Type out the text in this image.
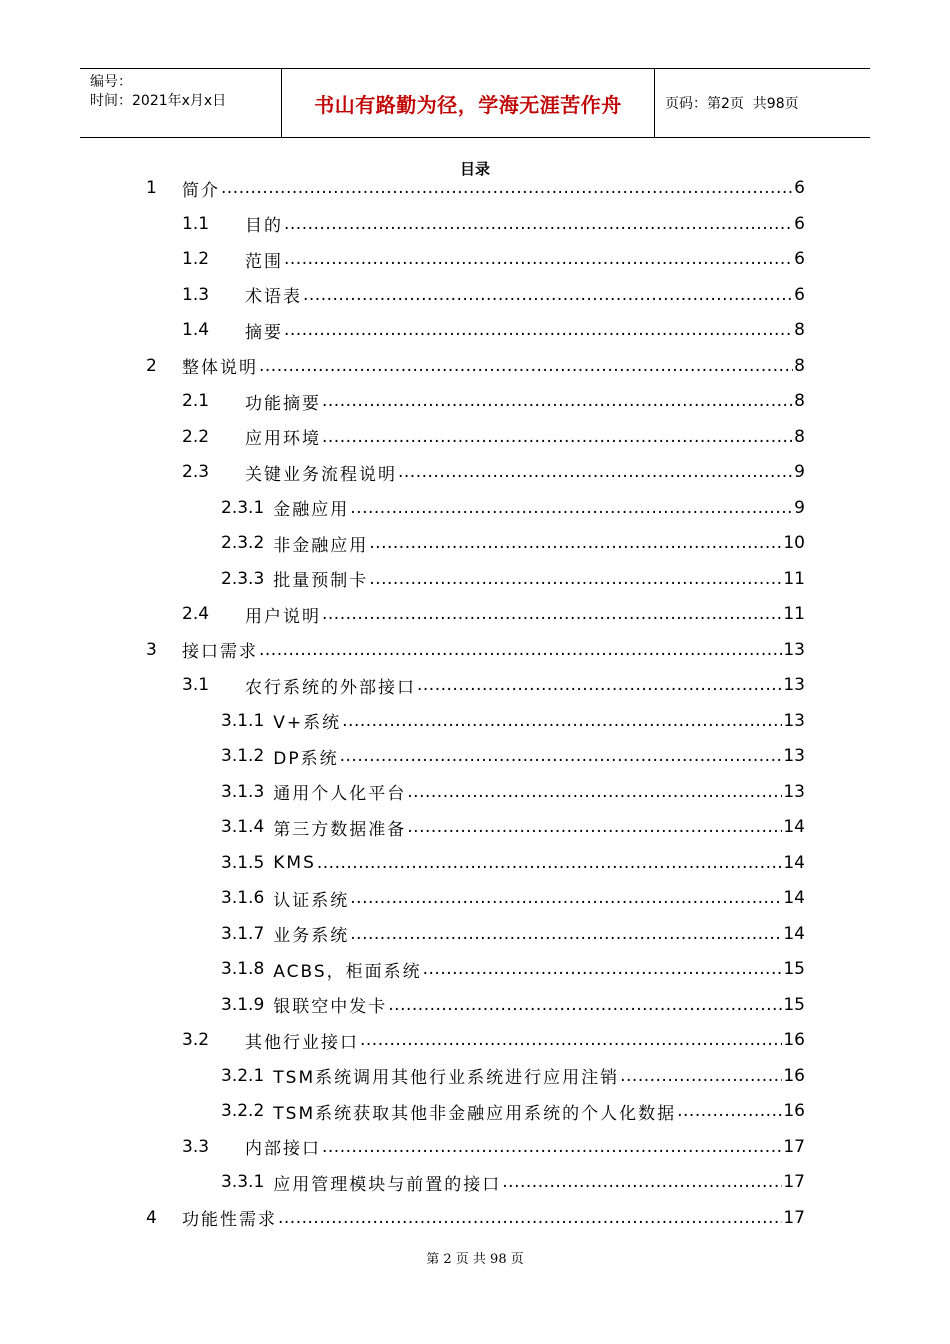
编号：
时间：2021年x月x日	书山有路勤为径，学海无涯苦作舟	页码：第2页  共98页
目录
1	简介 .....	6
1.1	目的 .....	6
1.2	范围 .....	6
1.3	术语表 .....	6
1.4	摘要 .....	8
2	整体说明 .....	8
2.1	功能摘要 .....	8
2.2	应用环境 .....	8
2.3	关键业务流程说明 .....	9
2.3.1 金融应用 .....	9
2.3.2 非金融应用 .....	10
2.3.3 批量预制卡 .....	11
2.4	用户说明 .....	11
3	接口需求 .....	13
3.1	农行系统的外部接口 .....	13
3.1.1 V+系统 .....	13
3.1.2 DP系统 .....	13
3.1.3 通用个人化平台 .....	13
3.1.4 第三方数据准备 .....	14
3.1.5 KMS .....	14
3.1.6 认证系统 .....	14
3.1.7 业务系统 .....	14
3.1.8 ACBS，柜面系统 .....	15
3.1.9 银联空中发卡 .....	15
3.2	其他行业接口 .....	16
3.2.1 TSM系统调用其他行业系统进行应用注销 .....	16
3.2.2 TSM系统获取其他非金融应用系统的个人化数据 .....	16
3.3	内部接口 .....	17
3.3.1 应用管理模块与前置的接口 .....	17
4	功能性需求 .....	17
第 2 页 共 98 页
